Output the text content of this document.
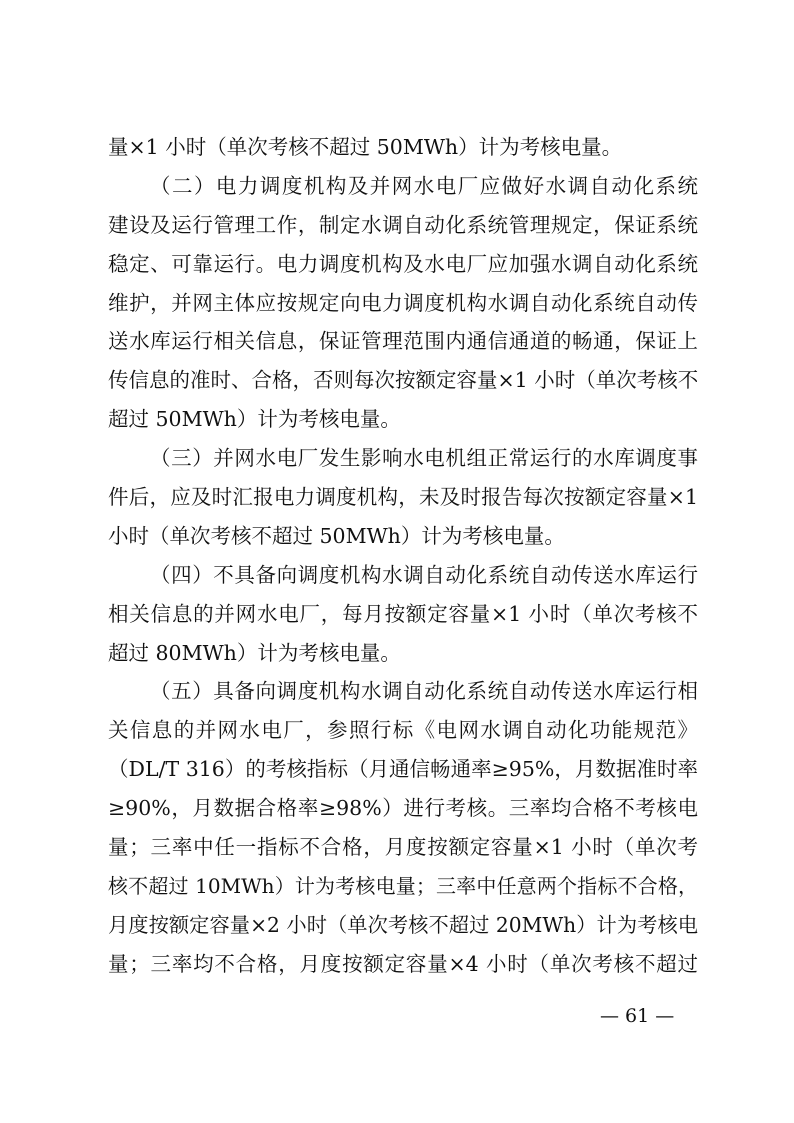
量×1 小时（单次考核不超过 50MWh）计为考核电量。
（二）电力调度机构及并网水电厂应做好水调自动化系统
建设及运行管理工作，制定水调自动化系统管理规定，保证系统
稳定、可靠运行。电力调度机构及水电厂应加强水调自动化系统
维护，并网主体应按规定向电力调度机构水调自动化系统自动传
送水库运行相关信息，保证管理范围内通信通道的畅通，保证上
传信息的准时、合格，否则每次按额定容量×1 小时（单次考核不
超过 50MWh）计为考核电量。
（三）并网水电厂发生影响水电机组正常运行的水库调度事
件后，应及时汇报电力调度机构，未及时报告每次按额定容量×1
小时（单次考核不超过 50MWh）计为考核电量。
（四）不具备向调度机构水调自动化系统自动传送水库运行
相关信息的并网水电厂，每月按额定容量×1 小时（单次考核不
超过 80MWh）计为考核电量。
（五）具备向调度机构水调自动化系统自动传送水库运行相
关信息的并网水电厂，参照行标《电网水调自动化功能规范》
（DL/T 316）的考核指标（月通信畅通率≥95%，月数据准时率
≥90%，月数据合格率≥98%）进行考核。三率均合格不考核电
量；三率中任一指标不合格，月度按额定容量×1 小时（单次考
核不超过 10MWh）计为考核电量；三率中任意两个指标不合格，
月度按额定容量×2 小时（单次考核不超过 20MWh）计为考核电
量；三率均不合格，月度按额定容量×4 小时（单次考核不超过
— 61 —
